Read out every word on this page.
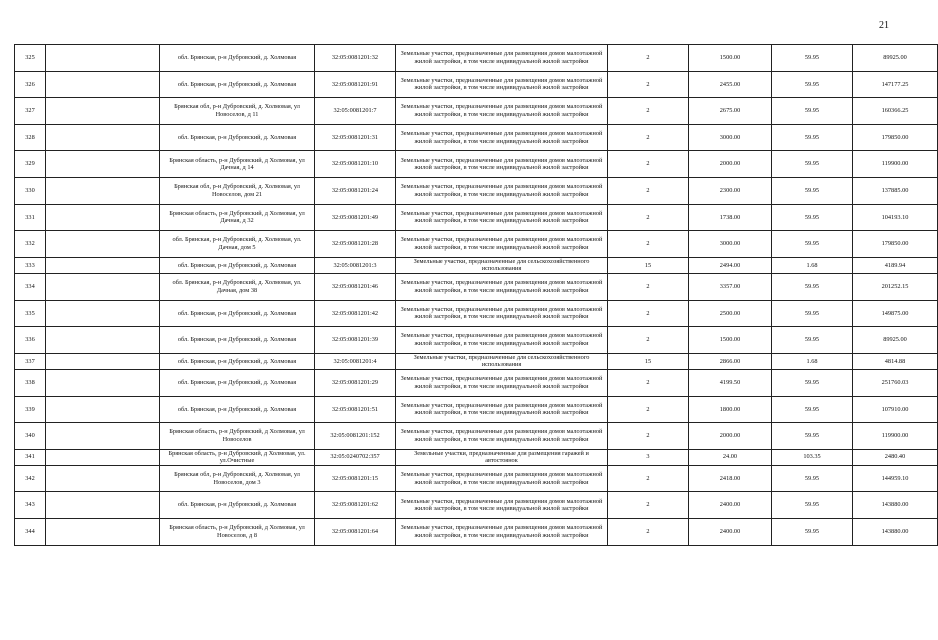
21
325		обл. Брянская, р-н Дубровский, д. Холмовая	32:05:0081201:32	Земельные участки, предназначенные для размещения домов малоэтажной жилой застройки, в том числе индивидуальной жилой застройки	2	1500.00	59.95	89925.00
326		обл. Брянская, р-н Дубровский, д. Холмовая	32:05:0081201:91	Земельные участки, предназначенные для размещения домов малоэтажной жилой застройки, в том числе индивидуальной жилой застройки	2	2455.00	59.95	147177.25
327		Брянская обл, р-н Дубровский, д. Холмовая, ул Новоселов, д 11	32:05:0081201:7	Земельные участки, предназначенные для размещения домов малоэтажной жилой застройки, в том числе индивидуальной жилой застройки	2	2675.00	59.95	160366.25
328		обл. Брянская, р-н Дубровский, д. Холмовая	32:05:0081201:31	Земельные участки, предназначенные для размещения домов малоэтажной жилой застройки, в том числе индивидуальной жилой застройки	2	3000.00	59.95	179850.00
329		Брянская область, р-н Дубровский, д Холмовая, ул Дачная, д 14	32:05:0081201:10	Земельные участки, предназначенные для размещения домов малоэтажной жилой застройки, в том числе индивидуальной жилой застройки	2	2000.00	59.95	119900.00
330		Брянская обл, р-н Дубровский, д. Холмовая, ул Новоселов, дом 21	32:05:0081201:24	Земельные участки, предназначенные для размещения домов малоэтажной жилой застройки, в том числе индивидуальной жилой застройки	2	2300.00	59.95	137885.00
331		Брянская область, р-н Дубровский, д Холмовая, ул Дачная, д 32	32:05:0081201:49	Земельные участки, предназначенные для размещения домов малоэтажной жилой застройки, в том числе индивидуальной жилой застройки	2	1738.00	59.95	104193.10
332		обл. Брянская, р-н Дубровский, д. Холмовая, ул. Дачная, дом 5	32:05:0081201:28	Земельные участки, предназначенные для размещения домов малоэтажной жилой застройки, в том числе индивидуальной жилой застройки	2	3000.00	59.95	179850.00
333		обл. Брянская, р-н Дубровский, д. Холмовая	32:05:0081201:3	Земельные участки, предназначенные для сельскохозяйственного использования	15	2494.00	1.68	4189.94
334		обл. Брянская, р-н Дубровский, д. Холмовая, ул. Дачная, дом 38	32:05:0081201:46	Земельные участки, предназначенные для размещения домов малоэтажной жилой застройки, в том числе индивидуальной жилой застройки	2	3357.00	59.95	201252.15
335		обл. Брянская, р-н Дубровский, д. Холмовая	32:05:0081201:42	Земельные участки, предназначенные для размещения домов малоэтажной жилой застройки, в том числе индивидуальной жилой застройки	2	2500.00	59.95	149875.00
336		обл. Брянская, р-н Дубровский, д. Холмовая	32:05:0081201:39	Земельные участки, предназначенные для размещения домов малоэтажной жилой застройки, в том числе индивидуальной жилой застройки	2	1500.00	59.95	89925.00
337		обл. Брянская, р-н Дубровский, д. Холмовая	32:05:0081201:4	Земельные участки, предназначенные для сельскохозяйственного использования	15	2866.00	1.68	4814.88
338		обл. Брянская, р-н Дубровский, д. Холмовая	32:05:0081201:29	Земельные участки, предназначенные для размещения домов малоэтажной жилой застройки, в том числе индивидуальной жилой застройки	2	4199.50	59.95	251760.03
339		обл. Брянская, р-н Дубровский, д. Холмовая	32:05:0081201:51	Земельные участки, предназначенные для размещения домов малоэтажной жилой застройки, в том числе индивидуальной жилой застройки	2	1800.00	59.95	107910.00
340		Брянская область, р-н Дубровский, д Холмовая, ул Новоселов	32:05:0081201:152	Земельные участки, предназначенные для размещения домов малоэтажной жилой застройки, в том числе индивидуальной жилой застройки	2	2000.00	59.95	119900.00
341		Брянская область, р-н Дубровский, д Холмовая, ул. ул.Очистные	32:05:0240702:357	Земельные участки, предназначенные для размещения гаражей и автостоянок	3	24.00	103.35	2480.40
342		Брянская обл, р-н Дубровский, д. Холмовая, ул Новоселов, дом 3	32:05:0081201:15	Земельные участки, предназначенные для размещения домов малоэтажной жилой застройки, в том числе индивидуальной жилой застройки	2	2418.00	59.95	144959.10
343		обл. Брянская, р-н Дубровский, д. Холмовая	32:05:0081201:62	Земельные участки, предназначенные для размещения домов малоэтажной жилой застройки, в том числе индивидуальной жилой застройки	2	2400.00	59.95	143880.00
344		Брянская область, р-н Дубровский, д Холмовая, ул Новоселов, д 8	32:05:0081201:64	Земельные участки, предназначенные для размещения домов малоэтажной жилой застройки, в том числе индивидуальной жилой застройки	2	2400.00	59.95	143880.00
